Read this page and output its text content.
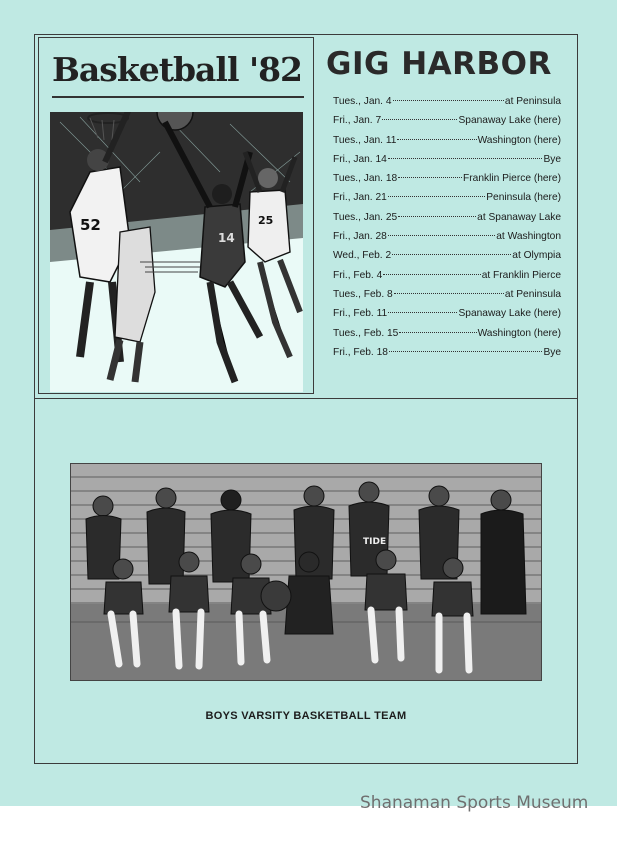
Basketball '82
52
14
25
GIG HARBOR
Tues., Jan. 4	at Peninsula
Fri., Jan. 7	Spanaway Lake (here)
Tues., Jan. 11	Washington (here)
Fri., Jan. 14	Bye
Tues., Jan. 18	Franklin Pierce (here)
Fri., Jan. 21	Peninsula (here)
Tues., Jan. 25	at Spanaway Lake
Fri., Jan. 28	at Washington
Wed., Feb. 2	at Olympia
Fri., Feb. 4	at Franklin Pierce
Tues., Feb. 8	at Peninsula
Fri., Feb. 11	Spanaway Lake (here)
Tues., Feb. 15	Washington (here)
Fri., Feb. 18	Bye
TIDE
BOYS VARSITY BASKETBALL TEAM
Shanaman Sports Museum
